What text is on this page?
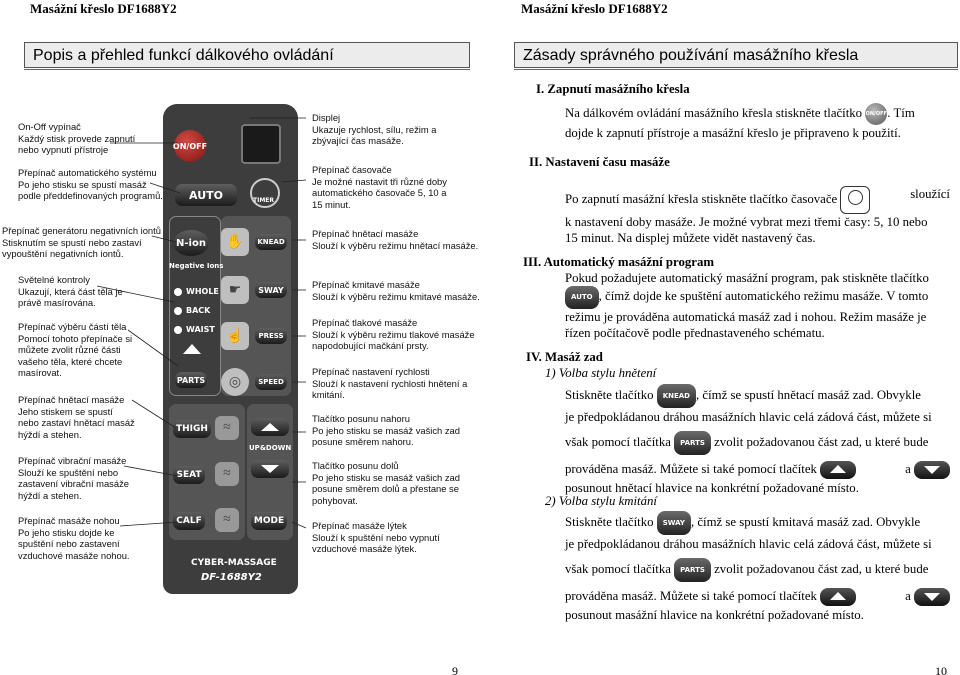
Masážní křeslo DF1688Y2
Popis a přehled funkcí dálkového ovládání
ON/OFF
AUTO	TIMER
N-ion
Negative Ions
WHOLE
BACK
WAIST
PARTS
✋	KNEAD
☛	SWAY
☝	PRESS
◎	SPEED
THIGH	≈
SEAT	≈
CALF	≈
UP&DOWN
MODE
CYBER-MASSAGE
DF-1688Y2
On-Off vypínač
Každý stisk provede zapnutí
nebo vypnutí přístroje
Přepínač automatického systému
Po jeho stisku se spustí masáž
podle předdefinovaných programů.
Přepínač generátoru negativních iontů
Stisknutím se spustí nebo zastaví
vypouštění negativních iontů.
Světelné kontroly
Ukazují, která část těla je
právě masírována.
Přepínač výběru částí těla
Pomocí tohoto přepínače si
můžete zvolit různé části
vašeho těla, které chcete
masírovat.
Přepínač hnětací masáže
Jeho stiskem se spustí
nebo zastaví hnětací masáž
hýždí a stehen.
Přepínač vibrační masáže
Slouží ke spuštění nebo
zastavení vibrační masáže
hýždí a stehen.
Přepínač masáže nohou
Po jeho stisku dojde ke
spuštění nebo zastavení
vzduchové masáže nohou.
Displej
Ukazuje rychlost, sílu, režim a
zbývající čas masáže.
Přepínač časovače
Je možné nastavit tři různé doby
automatického časovače 5, 10 a
15 minut.
Přepínač hnětací masáže
Slouží k výběru režimu hnětací masáže.
Přepínač kmitavé masáže
Slouží k výběru režimu kmitavé masáže.
Přepínač tlakové masáže
Slouží k výběru režimu tlakové masáže
napodobující mačkání prsty.
Přepínač nastavení rychlosti
Slouží k nastavení rychlosti hnětení a
kmitání.
Tlačítko posunu nahoru
Po jeho stisku se masáž vašich zad
posune směrem nahoru.
Tlačítko posunu dolů
Po jeho stisku se masáž vašich zad
posune směrem dolů a přestane se
pohybovat.
Přepínač masáže lýtek
Slouží k spuštění nebo vypnutí
vzduchové masáže lýtek.
9
Masážní křeslo DF1688Y2
Zásady správného používání masážního křesla
I. Zapnutí masážního křesla
Na dálkovém ovládání masážního křesla stiskněte tlačítko ON/OFF. Tím
dojde k zapnutí přístroje a masážní křeslo je připraveno k použití.
II. Nastavení času masáže
Po zapnutí masážní křesla stiskněte tlačítko časovače	sloužící
k nastavení doby masáže. Je možné vybrat mezi třemi časy: 5, 10 nebo
15 minut. Na displej můžete vidět nastavený čas.
III. Automatický masážní program
Pokud požadujete automatický masážní program, pak stiskněte tlačítko
AUTO , čímž dojde ke spuštění automatického režimu masáže. V tomto
režimu je prováděna automatická masáž zad i nohou. Režim masáže je
řízen počítačově podle přednastaveného schématu.
IV. Masáž zad
1) Volba stylu hnětení
Stiskněte tlačítko KNEAD , čímž se spustí hnětací masáž zad. Obvykle
je předpokládanou dráhou masážních hlavic celá zádová část, můžete si
však pomocí tlačítka PARTS zvolit požadovanou část zad, u které bude
prováděna masáž. Můžete si také pomocí tlačítek	a
posunout hnětací hlavice na konkrétní požadované místo.
2) Volba stylu kmitání
Stiskněte tlačítko SWAY , čímž se spustí kmitavá masáž zad. Obvykle
je předpokládanou dráhou masážních hlavic celá zádová část, můžete si
však pomocí tlačítka PARTS zvolit požadovanou část zad, u které bude
prováděna masáž. Můžete si také pomocí tlačítek	a
posunout masážní hlavice na konkrétní požadované místo.
10
